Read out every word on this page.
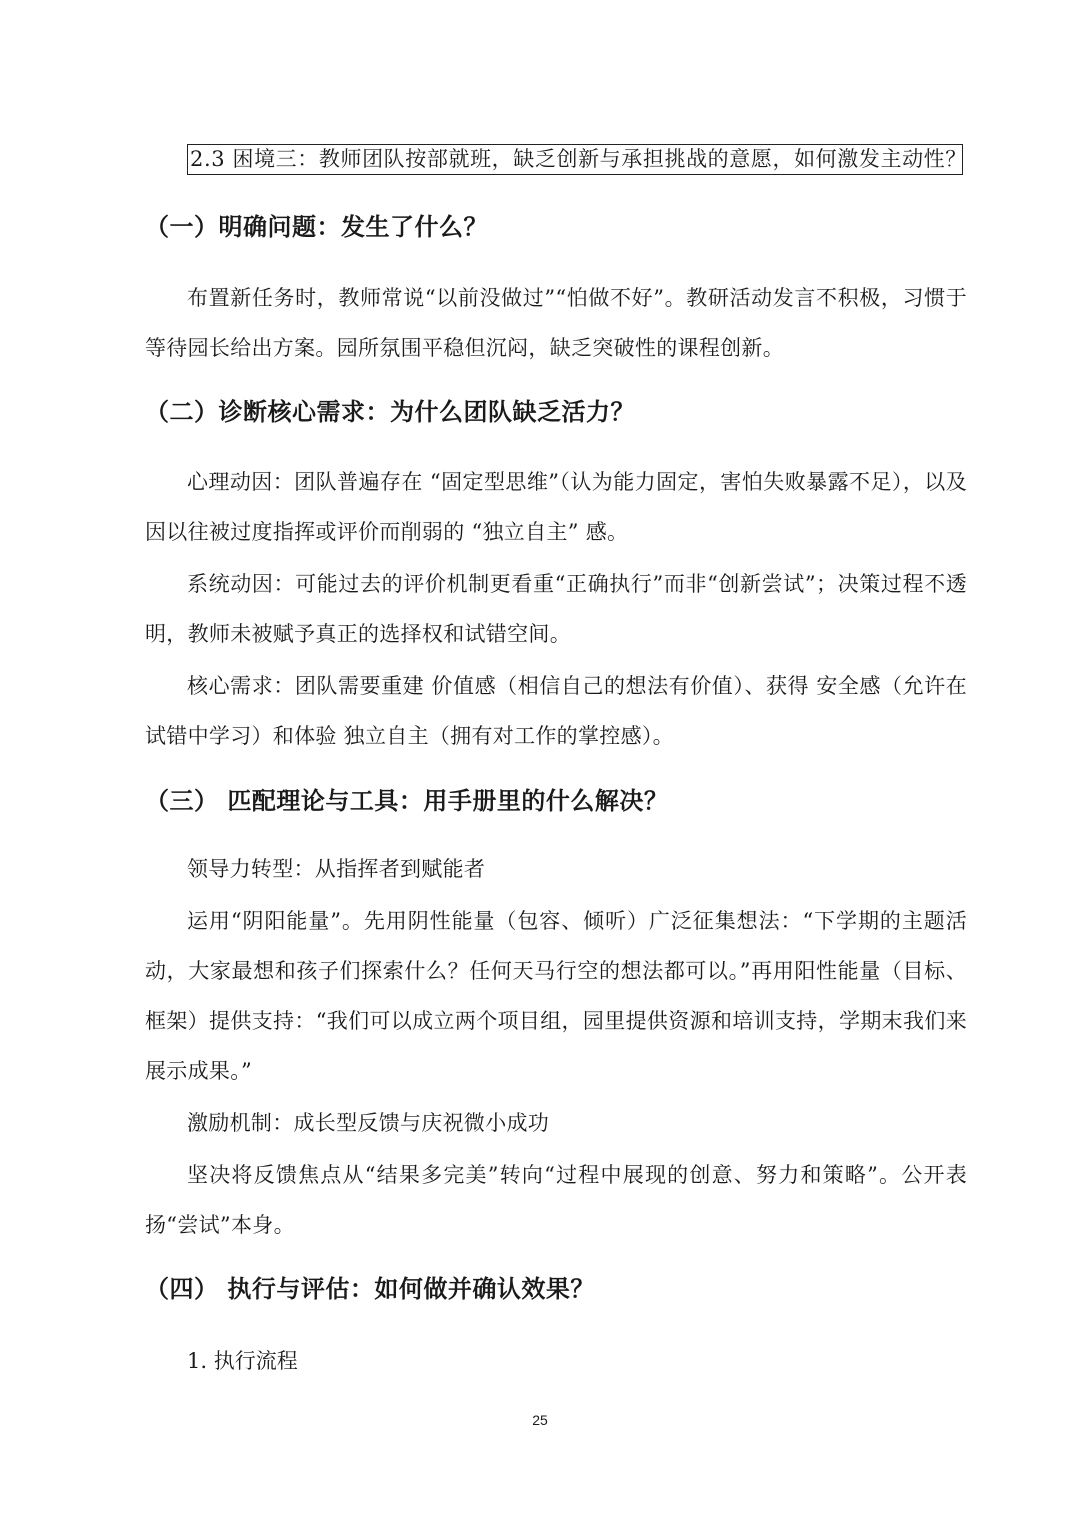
2.3 困境三：教师团队按部就班，缺乏创新与承担挑战的意愿，如何激发主动性？
（一）明确问题：发生了什么？

布置新任务时，教师常说“以前没做过”“怕做不好”。教研活动发言不积极，习惯于等待园长给出方案。园所氛围平稳但沉闷，缺乏突破性的课程创新。

（二）诊断核心需求：为什么团队缺乏活力？

心理动因：团队普遍存在 “固定型思维”（认为能力固定，害怕失败暴露不足），以及因以往被过度指挥或评价而削弱的 “独立自主” 感。

系统动因：可能过去的评价机制更看重“正确执行”而非“创新尝试”；决策过程不透明，教师未被赋予真正的选择权和试错空间。

核心需求：团队需要重建 价值感（相信自己的想法有价值）、获得 安全感（允许在试错中学习）和体验 独立自主（拥有对工作的掌控感）。

（三） 匹配理论与工具：用手册里的什么解决？
领导力转型：从指挥者到赋能者

运用“阴阳能量”。先用阴性能量（包容、倾听）广泛征集想法：“下学期的主题活动，大家最想和孩子们探索什么？任何天马行空的想法都可以。”再用阳性能量（目标、框架）提供支持：“我们可以成立两个项目组，园里提供资源和培训支持，学期末我们来展示成果。”

激励机制：成长型反馈与庆祝微小成功

坚决将反馈焦点从“结果多完美”转向“过程中展现的创意、努力和策略”。公开表扬“尝试”本身。

（四） 执行与评估：如何做并确认效果？
1. 执行流程
25
